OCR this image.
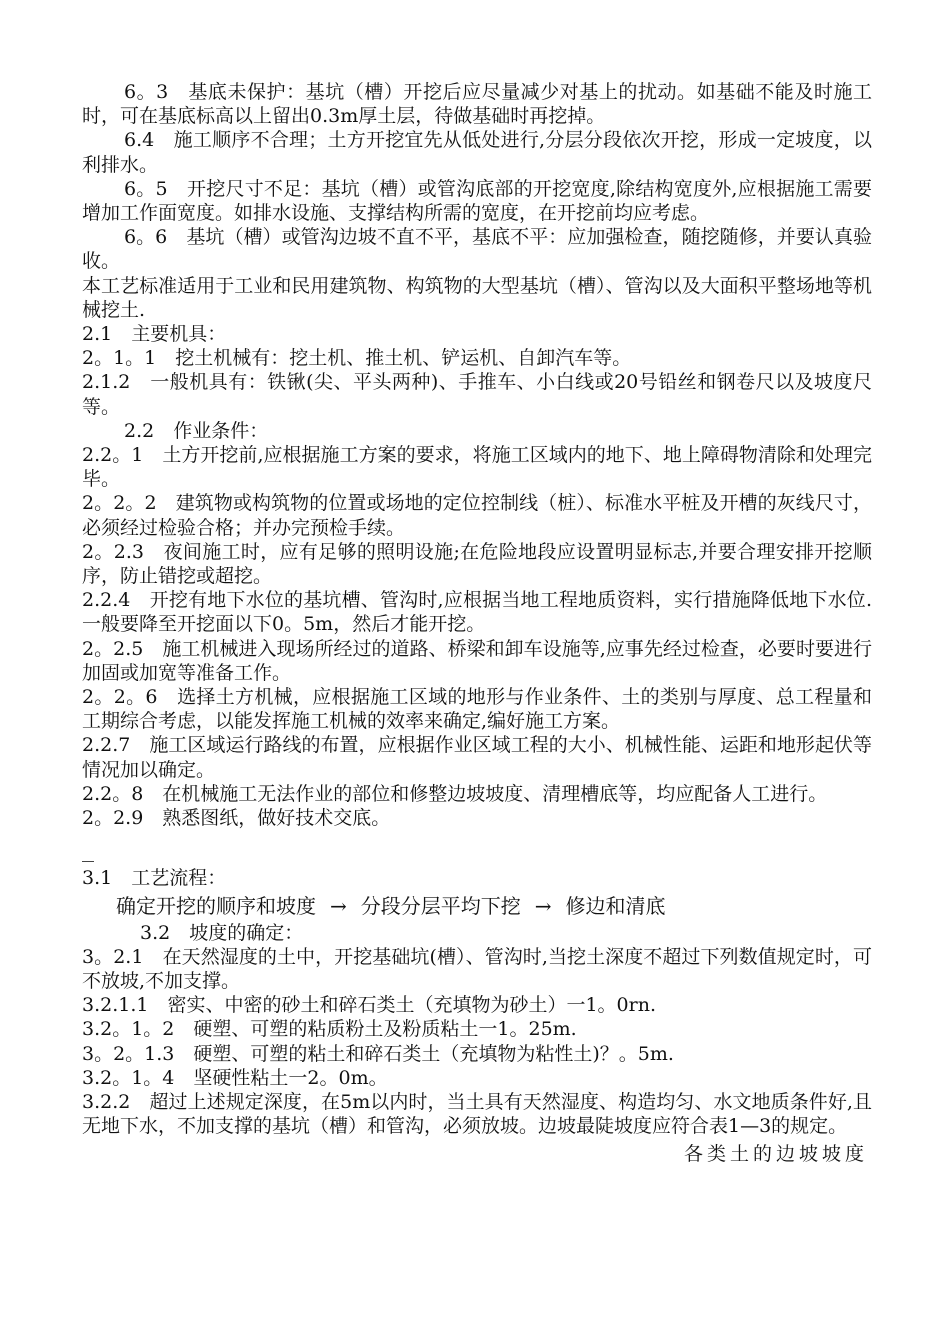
6。3　基底未保护：基坑（槽）开挖后应尽量减少对基上的扰动。如基础不能及时施工时，可在基底标高以上留出0.3m厚土层，待做基础时再挖掉。

6.4　施工顺序不合理；土方开挖宜先从低处进行,分层分段依次开挖，形成一定坡度，以利排水。

6。5　开挖尺寸不足：基坑（槽）或管沟底部的开挖宽度,除结构宽度外,应根据施工需要增加工作面宽度。如排水设施、支撑结构所需的宽度，在开挖前均应考虑。

6。6　基坑（槽）或管沟边坡不直不平，基底不平：应加强检查，随挖随修，并要认真验收。

本工艺标准适用于工业和民用建筑物、构筑物的大型基坑（槽）、管沟以及大面积平整场地等机械挖土.

2.1　主要机具：

2。1。1　挖土机械有：挖土机、推土机、铲运机、自卸汽车等。

2.1.2　一般机具有：铁锹(尖、平头两种)、手推车、小白线或20号铅丝和钢卷尺以及坡度尺等。

2.2　作业条件：

2.2。1　土方开挖前,应根据施工方案的要求，将施工区域内的地下、地上障碍物清除和处理完毕。

2。2。2　建筑物或构筑物的位置或场地的定位控制线（桩）、标准水平桩及开槽的灰线尺寸，必须经过检验合格；并办完预检手续。

2。2.3　夜间施工时，应有足够的照明设施;在危险地段应设置明显标志,并要合理安排开挖顺序，防止错挖或超挖。

2.2.4　开挖有地下水位的基坑槽、管沟时,应根据当地工程地质资料，实行措施降低地下水位.一般要降至开挖面以下0。5m，然后才能开挖。

2。2.5　施工机械进入现场所经过的道路、桥梁和卸车设施等,应事先经过检查，必要时要进行加固或加宽等准备工作。

2。2。6　选择土方机械，应根据施工区域的地形与作业条件、土的类别与厚度、总工程量和工期综合考虑，以能发挥施工机械的效率来确定,编好施工方案。

2.2.7　施工区域运行路线的布置，应根据作业区域工程的大小、机械性能、运距和地形起伏等情况加以确定。

2.2。8　在机械施工无法作业的部位和修整边坡坡度、清理槽底等，均应配备人工进行。

2。2.9　熟悉图纸，做好技术交底。

3.1　工艺流程：

确定开挖的顺序和坡度 → 分段分层平均下挖 → 修边和清底

3.2　坡度的确定：

3。2.1　在天然湿度的土中，开挖基础坑(槽）、管沟时,当挖土深度不超过下列数值规定时，可不放坡,不加支撑。

3.2.1.1　密实、中密的砂土和碎石类土（充填物为砂土）一1。0rn.

3.2。1。2　硬塑、可塑的粘质粉土及粉质粘土一1。25m.

3。2。1.3　硬塑、可塑的粘土和碎石类土（充填物为粘性土)？。5m.

3.2。1。4　坚硬性粘土一2。0m。

3.2.2　超过上述规定深度，在5m以内时，当土具有天然湿度、构造均匀、水文地质条件好,且无地下水，不加支撑的基坑（槽）和管沟，必须放坡。边坡最陡坡度应符合表1—3的规定。

各类土的边坡坡度
